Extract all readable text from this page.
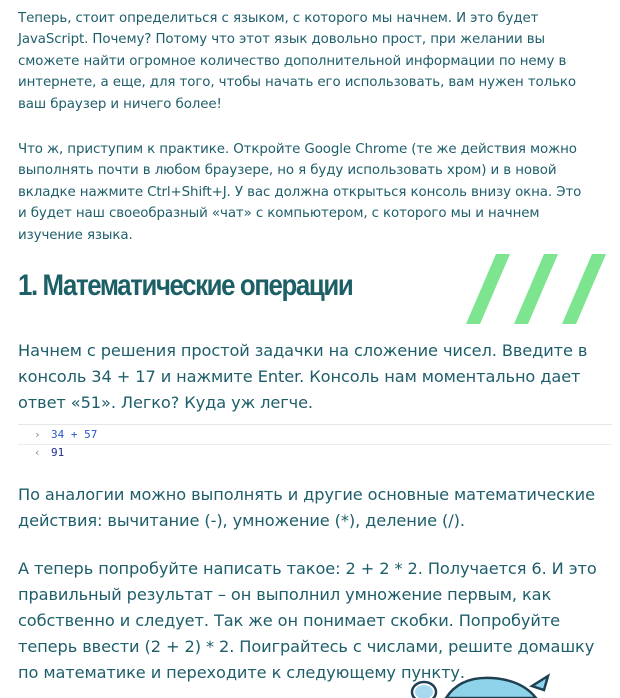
Теперь, стоит определиться с языком, с которого мы начнем. И это будет JavaScript. Почему? Потому что этот язык довольно прост, при желании вы сможете найти огромное количество дополнительной информации по нему в интернете, а еще, для того, чтобы начать его использовать, вам нужен только ваш браузер и ничего более!

Что ж, приступим к практике. Откройте Google Chrome (те же действия можно выполнять почти в любом браузере, но я буду использовать хром) и в новой вкладке нажмите Ctrl+Shift+J. У вас должна открыться консоль внизу окна. Это и будет наш своеобразный «чат» с компьютером, с которого мы и начнем изучение языка.

1. Математические операции

Начнем с решения простой задачки на сложение чисел. Введите в консоль 34 + 17 и нажмите Enter. Консоль нам моментально дает ответ «51». Легко? Куда уж легче.

› 34 + 57
‹ 91

По аналогии можно выполнять и другие основные математические действия: вычитание (-), умножение (*), деление (/).

А теперь попробуйте написать такое: 2 + 2 * 2. Получается 6. И это правильный результат – он выполнил умножение первым, как собственно и следует. Так же он понимает скобки. Попробуйте теперь ввести (2 + 2) * 2. Поиграйтесь с числами, решите домашку по математике и переходите к следующему пункту.
